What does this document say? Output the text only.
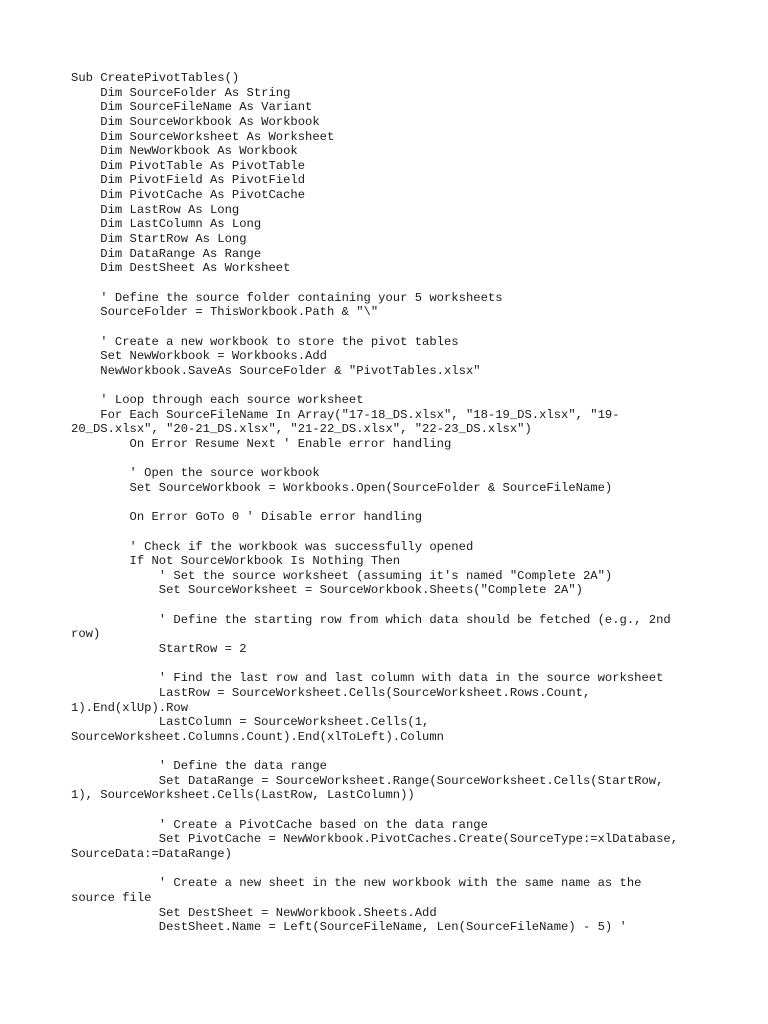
Sub CreatePivotTables()
Dim SourceFolder As String
Dim SourceFileName As Variant
Dim SourceWorkbook As Workbook
Dim SourceWorksheet As Worksheet
Dim NewWorkbook As Workbook
Dim PivotTable As PivotTable
Dim PivotField As PivotField
Dim PivotCache As PivotCache
Dim LastRow As Long
Dim LastColumn As Long
Dim StartRow As Long
Dim DataRange As Range
Dim DestSheet As Worksheet
' Define the source folder containing your 5 worksheets
SourceFolder = ThisWorkbook.Path & "\"
' Create a new workbook to store the pivot tables
Set NewWorkbook = Workbooks.Add
NewWorkbook.SaveAs SourceFolder & "PivotTables.xlsx"
' Loop through each source worksheet
For Each SourceFileName In Array("17-18_DS.xlsx", "18-19_DS.xlsx", "19-
20_DS.xlsx", "20-21_DS.xlsx", "21-22_DS.xlsx", "22-23_DS.xlsx")
On Error Resume Next ' Enable error handling
' Open the source workbook
Set SourceWorkbook = Workbooks.Open(SourceFolder & SourceFileName)
On Error GoTo 0 ' Disable error handling
' Check if the workbook was successfully opened
If Not SourceWorkbook Is Nothing Then
' Set the source worksheet (assuming it's named "Complete 2A")
Set SourceWorksheet = SourceWorkbook.Sheets("Complete 2A")
' Define the starting row from which data should be fetched (e.g., 2nd
row)
StartRow = 2
' Find the last row and last column with data in the source worksheet
LastRow = SourceWorksheet.Cells(SourceWorksheet.Rows.Count,
1).End(xlUp).Row
LastColumn = SourceWorksheet.Cells(1,
SourceWorksheet.Columns.Count).End(xlToLeft).Column
' Define the data range
Set DataRange = SourceWorksheet.Range(SourceWorksheet.Cells(StartRow,
1), SourceWorksheet.Cells(LastRow, LastColumn))
' Create a PivotCache based on the data range
Set PivotCache = NewWorkbook.PivotCaches.Create(SourceType:=xlDatabase,
SourceData:=DataRange)
' Create a new sheet in the new workbook with the same name as the
source file
Set DestSheet = NewWorkbook.Sheets.Add
DestSheet.Name = Left(SourceFileName, Len(SourceFileName) - 5) '
